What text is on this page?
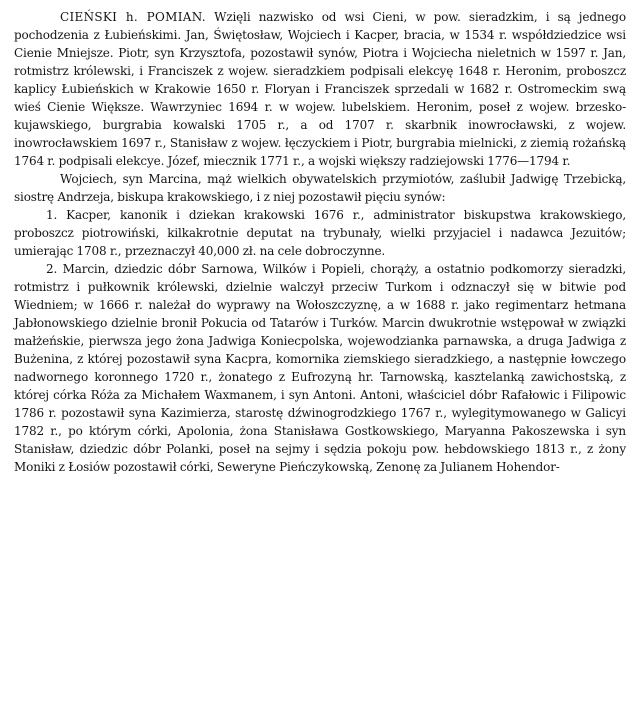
CIEŃSKI h. POMIAN. Wzięli nazwisko od wsi Cieni, w pow. sieradzkim, i są jednego pochodzenia z Łubieńskimi. Jan, Świętosław, Wojciech i Kacper, bracia, w 1534 r. współdziedzice wsi Cienie Mniejsze. Piotr, syn Krzysztofa, pozostawił synów, Piotra i Wojciecha nieletnich w 1597 r. Jan, rotmistrz królewski, i Franciszek z wojew. sieradzkiem podpisali elekcyę 1648 r. Heronim, proboszcz kaplicy Łubieńskich w Krakowie 1650 r. Floryan i Franciszek sprzedali w 1682 r. Ostromeckim swą wieś Cienie Większe. Wawrzyniec 1694 r. w wojew. lubelskiem. Heronim, poseł z wojew. brzesko-kujawskiego, burgrabia kowalski 1705 r., a od 1707 r. skarbnik inowrocławski, z wojew. inowrocławskiem 1697 r., Stanisław z wojew. łęczyckiem i Piotr, burgrabia mielnicki, z ziemią rożańską 1764 r. podpisali elekcye. Józef, miecznik 1771 r., a wojski większy radziejowski 1776—1794 r.

Wojciech, syn Marcina, mąż wielkich obywatelskich przymiotów, zaślubił Jadwigę Trzebicką, siostrę Andrzeja, biskupa krakowskiego, i z niej pozostawił pięciu synów:

1. Kacper, kanonik i dziekan krakowski 1676 r., administrator biskupstwa krakowskiego, proboszcz piotrowiński, kilkakrotnie deputat na trybunały, wielki przyjaciel i nadawca Jezuitów; umierając 1708 r., przeznaczył 40,000 zł. na cele dobroczynne.

2. Marcin, dziedzic dóbr Sarnowa, Wilków i Popieli, chorąży, a ostatnio podkomorzy sieradzki, rotmistrz i pułkownik królewski, dzielnie walczył przeciw Turkom i odznaczył się w bitwie pod Wiedniem; w 1666 r. należał do wyprawy na Wołoszczyznę, a w 1688 r. jako regimentarz hetmana Jabłonowskiego dzielnie bronił Pokucia od Tatarów i Turków. Marcin dwukrotnie wstępował w związki małżeńskie, pierwsza jego żona Jadwiga Koniecpolska, wojewodzianka parnawska, a druga Jadwiga z Bużenina, z której pozostawił syna Kacpra, komornika ziemskiego sieradzkiego, a następnie łowczego nadwornego koronnego 1720 r., żonatego z Eufrozyną hr. Tarnowską, kasztelanką zawichostską, z której córka Róża za Michałem Waxmanem, i syn Antoni. Antoni, właściciel dóbr Rafałowic i Filipowic 1786 r. pozostawił syna Kazimierza, starostę dźwinogrodzkiego 1767 r., wylegitymowanego w Galicyi 1782 r., po którym córki, Apolonia, żona Stanisława Gostkowskiego, Maryanna Pakoszewska i syn Stanisław, dziedzic dóbr Polanki, poseł na sejmy i sędzia pokoju pow. hebdowskiego 1813 r., z żony Moniki z Łosiów pozostawił córki, Seweryne Pieńczykowską, Zenonę za Julianem Hohendor-
